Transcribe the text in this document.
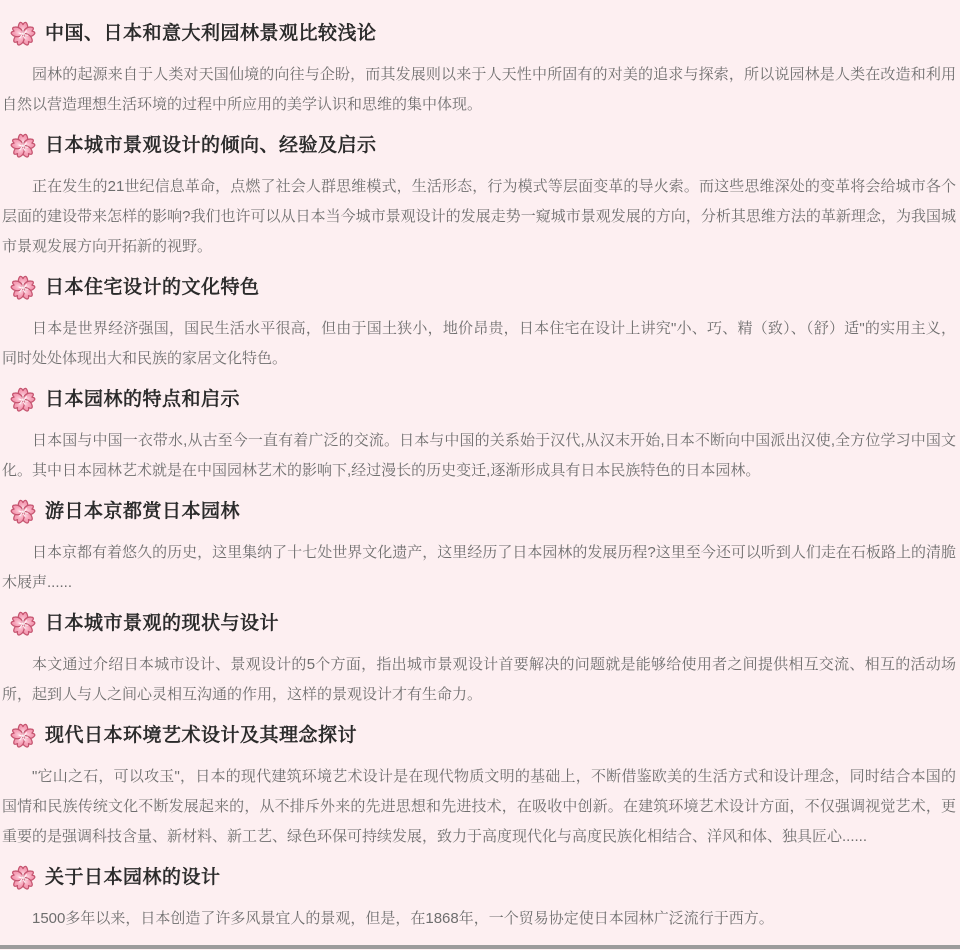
中国、日本和意大利园林景观比较浅论

园林的起源来自于人类对天国仙境的向往与企盼，而其发展则以来于人天性中所固有的对美的追求与探索，所以说园林是人类在改造和利用自然以营造理想生活环境的过程中所应用的美学认识和思维的集中体现。

日本城市景观设计的倾向、经验及启示

正在发生的21世纪信息革命，点燃了社会人群思维模式，生活形态，行为模式等层面变革的导火索。而这些思维深处的变革将会给城市各个层面的建设带来怎样的影响?我们也许可以从日本当今城市景观设计的发展走势一窥城市景观发展的方向，分析其思维方法的革新理念，为我国城市景观发展方向开拓新的视野。

日本住宅设计的文化特色

日本是世界经济强国，国民生活水平很高，但由于国土狭小，地价昂贵，日本住宅在设计上讲究"小、巧、精（致）、（舒）适"的实用主义，同时处处体现出大和民族的家居文化特色。

日本园林的特点和启示

日本国与中国一衣带水,从古至今一直有着广泛的交流。日本与中国的关系始于汉代,从汉末开始,日本不断向中国派出汉使,全方位学习中国文化。其中日本园林艺术就是在中国园林艺术的影响下,经过漫长的历史变迁,逐渐形成具有日本民族特色的日本园林。

游日本京都赏日本园林

日本京都有着悠久的历史，这里集纳了十七处世界文化遗产，这里经历了日本园林的发展历程?这里至今还可以听到人们走在石板路上的清脆木屐声......

日本城市景观的现状与设计

本文通过介绍日本城市设计、景观设计的5个方面，指出城市景观设计首要解决的问题就是能够给使用者之间提供相互交流、相互的活动场所，起到人与人之间心灵相互沟通的作用，这样的景观设计才有生命力。

现代日本环境艺术设计及其理念探讨

"它山之石，可以攻玉"，日本的现代建筑环境艺术设计是在现代物质文明的基础上，不断借鉴欧美的生活方式和设计理念，同时结合本国的国情和民族传统文化不断发展起来的，从不排斥外来的先进思想和先进技术，在吸收中创新。在建筑环境艺术设计方面，不仅强调视觉艺术，更重要的是强调科技含量、新材料、新工艺、绿色环保可持续发展，致力于高度现代化与高度民族化相结合、洋风和体、独具匠心......

关于日本园林的设计

1500多年以来，日本创造了许多风景宜人的景观，但是，在1868年，一个贸易协定使日本园林广泛流行于西方。
